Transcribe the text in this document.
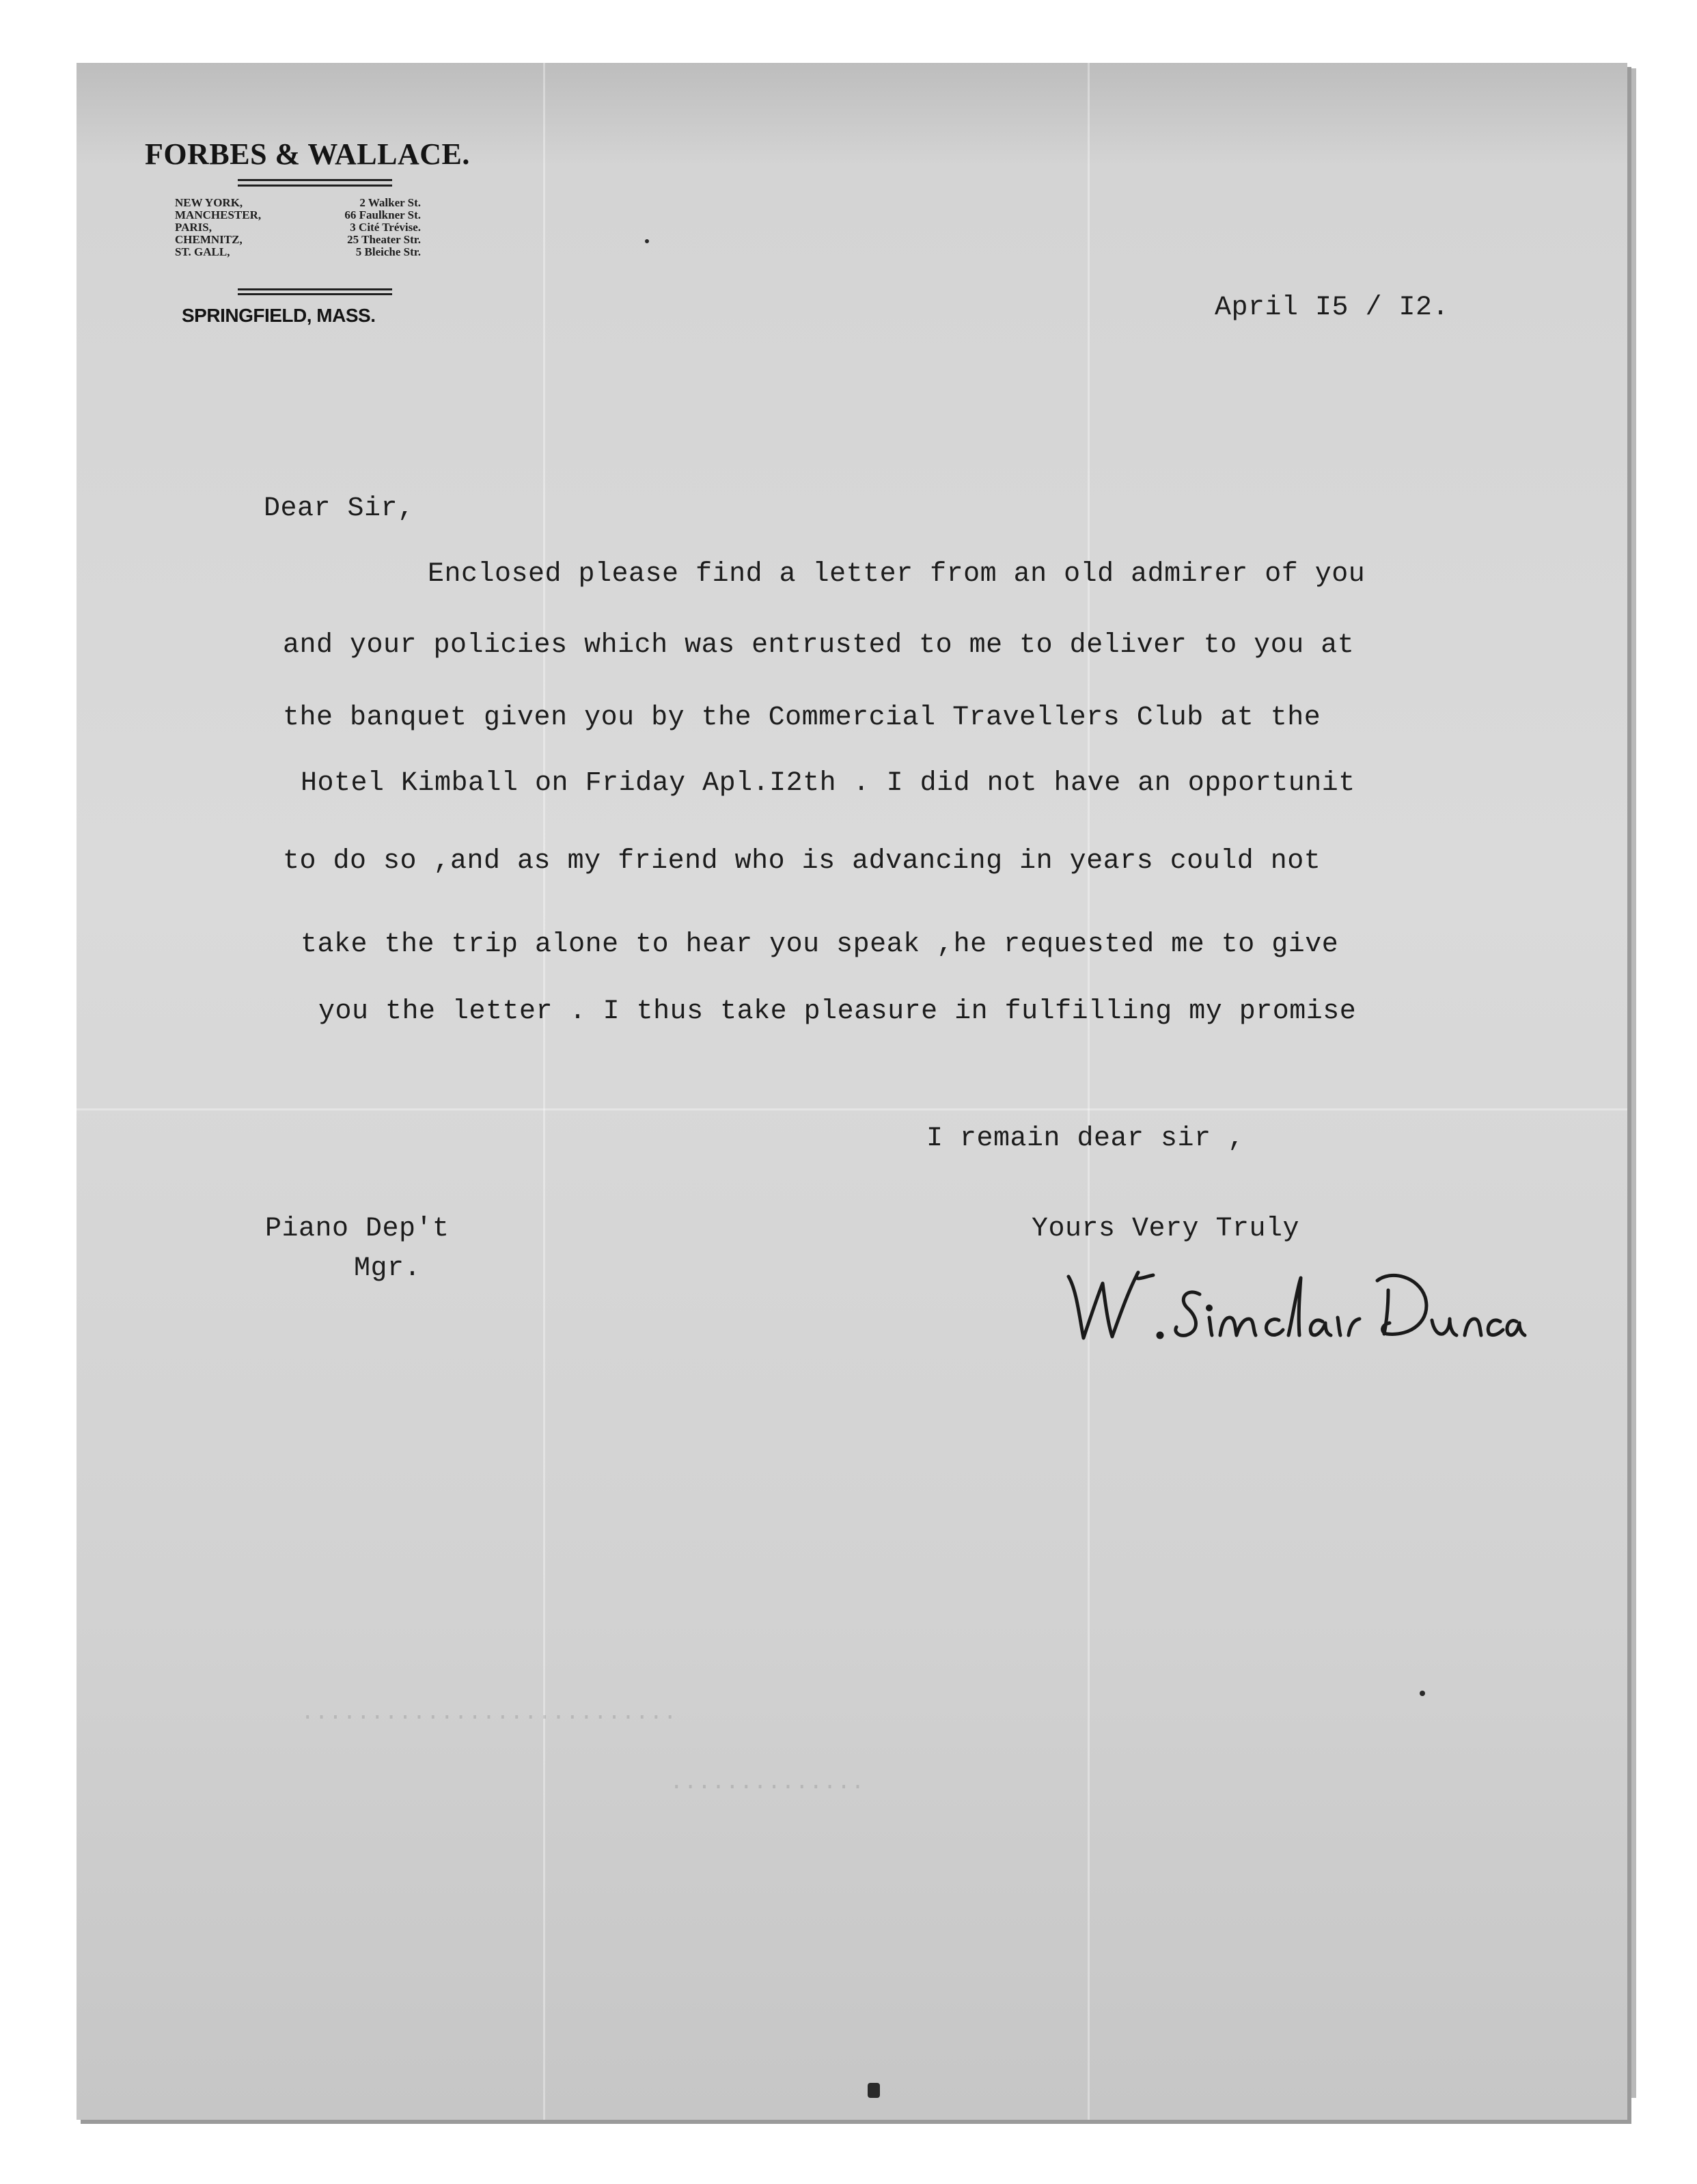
FORBES & WALLACE.
NEW YORK,
MANCHESTER,
PARIS,
CHEMNITZ,
ST. GALL,
2 Walker St.
66 Faulkner St.
3 Cité Trévise.
25 Theater Str.
5 Bleiche Str.
SPRINGFIELD, MASS.	April I5 / I2.
Dear Sir,
Enclosed please find a letter from an old admirer of you
and your policies which was entrusted to me to deliver to you at
the banquet given you by the Commercial Travellers Club at the
Hotel Kimball on Friday Apl.I2th . I did not have an opportunit
to do so ,and as my friend who is advancing in years could not
take the trip alone to hear you speak ,he requested me to give
you the letter . I thus take pleasure in fulfilling my promise
I remain dear sir ,
Piano Dep't
Mgr.
Yours Very Truly
...........................
..............
